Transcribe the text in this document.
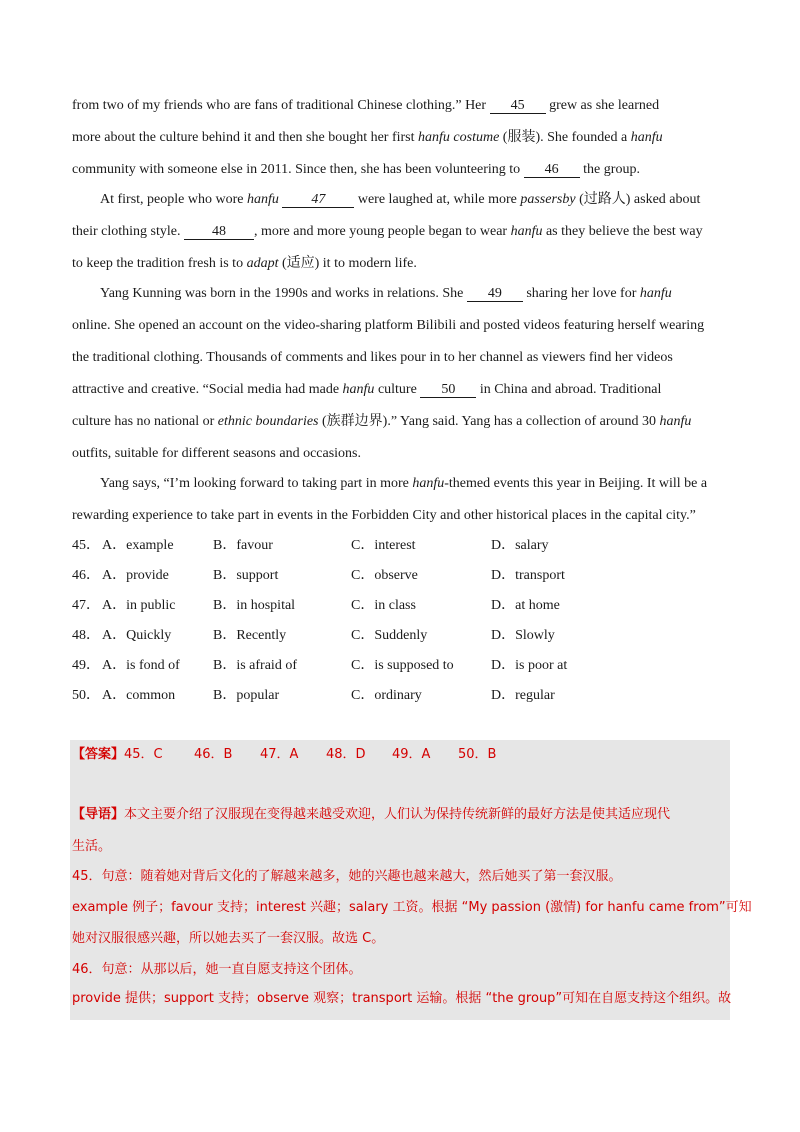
from two of my friends who are fans of traditional Chinese clothing.” Her 45 grew as she learned
more about the culture behind it and then she bought her first hanfu costume (服装). She founded a hanfu
community with someone else in 2011. Since then, she has been volunteering to 46 the group.
At first, people who wore hanfu 47 were laughed at, while more passersby (过路人) asked about
their clothing style. 48 , more and more young people began to wear hanfu as they believe the best way
to keep the tradition fresh is to adapt (适应) it to modern life.
Yang Kunning was born in the 1990s and works in relations. She 49 sharing her love for hanfu
online. She opened an account on the video-sharing platform Bilibili and posted videos featuring herself wearing
the traditional clothing. Thousands of comments and likes pour in to her channel as viewers find her videos
attractive and creative. “Social media had made hanfu culture 50 in China and abroad. Traditional
culture has no national or ethnic boundaries (族群边界).” Yang said. Yang has a collection of around 30 hanfu
outfits, suitable for different seasons and occasions.
Yang says, “I’m looking forward to taking part in more hanfu-themed events this year in Beijing. It will be a
rewarding experience to take part in events in the Forbidden City and other historical places in the capital city.”
45． A．example	B．favour	C．interest	D．salary
46． A．provide	B．support	C．observe	D．transport
47． A．in public	B．in hospital	C．in class	D．at home
48． A．Quickly	B．Recently	C．Suddenly	D．Slowly
49． A．is fond of B．is afraid of	C．is supposed to	D．is poor at
50． A．common	B．popular	C．ordinary	D．regular
【答案】45．C 46．B 47．A 48．D 49．A 50．B
【导语】本文主要介绍了汉服现在变得越来越受欢迎，人们认为保持传统新鲜的最好方法是使其适应现代
生活。
45．句意：随着她对背后文化的了解越来越多，她的兴趣也越来越大，然后她买了第一套汉服。
example 例子；favour 支持；interest 兴趣；salary 工资。根据 “My passion (激情) for hanfu came from”可知
她对汉服很感兴趣，所以她去买了一套汉服。故选 C。
46．句意：从那以后，她一直自愿支持这个团体。
provide 提供；support 支持；observe 观察；transport 运输。根据 “the group”可知在自愿支持这个组织。故
